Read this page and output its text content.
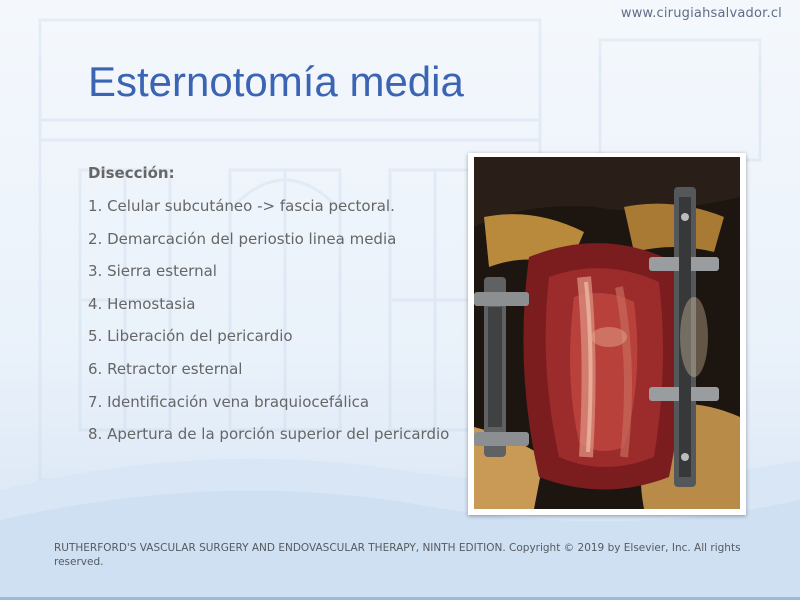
www.cirugiahsalvador.cl
Esternotomía media
Disección:
1. Celular subcutáneo -> fascia pectoral.
2. Demarcación del periostio linea media
3. Sierra esternal
4. Hemostasia
5. Liberación del pericardio
6. Retractor esternal
7. Identificación vena braquiocefálica
8. Apertura de la porción superior del pericardio
RUTHERFORD'S VASCULAR SURGERY AND ENDOVASCULAR THERAPY, NINTH EDITION. Copyright © 2019 by Elsevier, Inc. All rights reserved.
